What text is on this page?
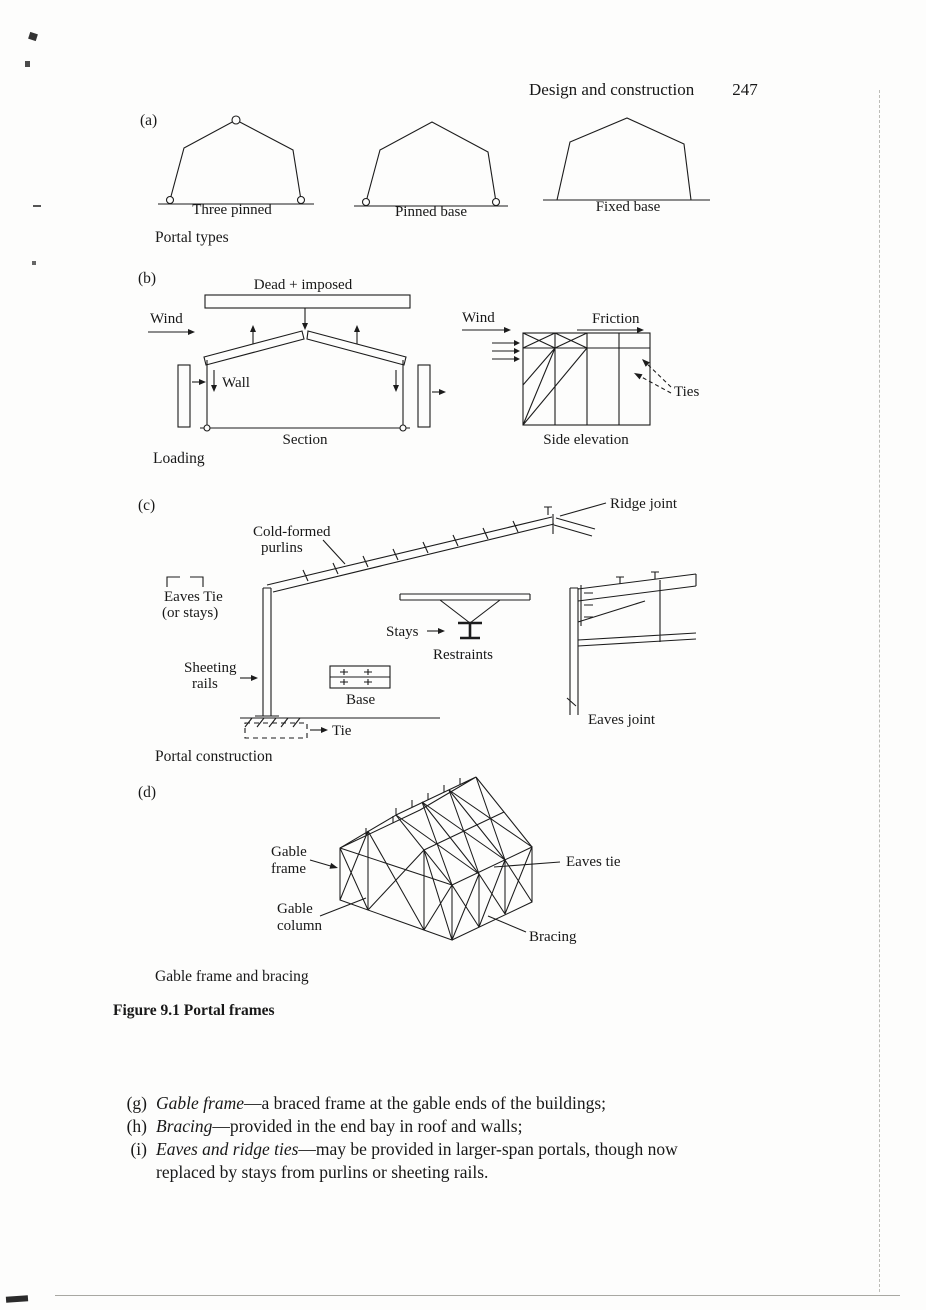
Design and construction 247
(a)
Three pinned	Pinned base	Fixed base
Portal types
(b)	Dead + imposed
Wind
Wall
Section
Wind	Friction
Ties
Side elevation
Loading
(c)	Ridge joint
Cold-formed
purlins
Eaves Tie
(or stays)
Stays
Restraints
Sheeting
rails
Base
Tie
Eaves joint
Portal construction
(d)
Gable
frame	Eaves tie
Gable
column
Bracing
Gable frame and bracing
Figure 9.1 Portal frames
(g) Gable frame—a braced frame at the gable ends of the buildings;
(h) Bracing—provided in the end bay in roof and walls;
(i) Eaves and ridge ties—may be provided in larger-span portals, though now
replaced by stays from purlins or sheeting rails.
